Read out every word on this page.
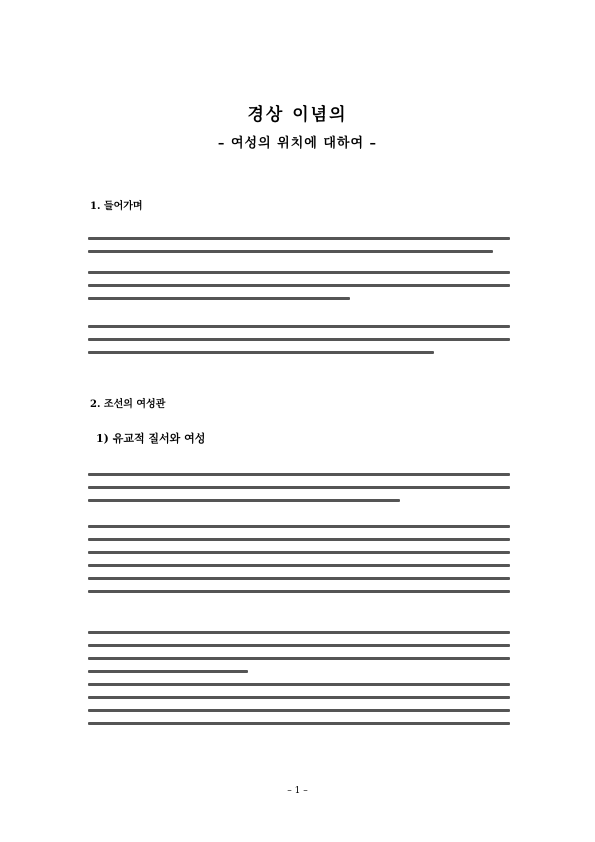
경상 이념의
– 여성의 위치에 대하여 –
1. 들어가며
2. 조선의 여성관
1) 유교적 질서와 여성
– 1 –
